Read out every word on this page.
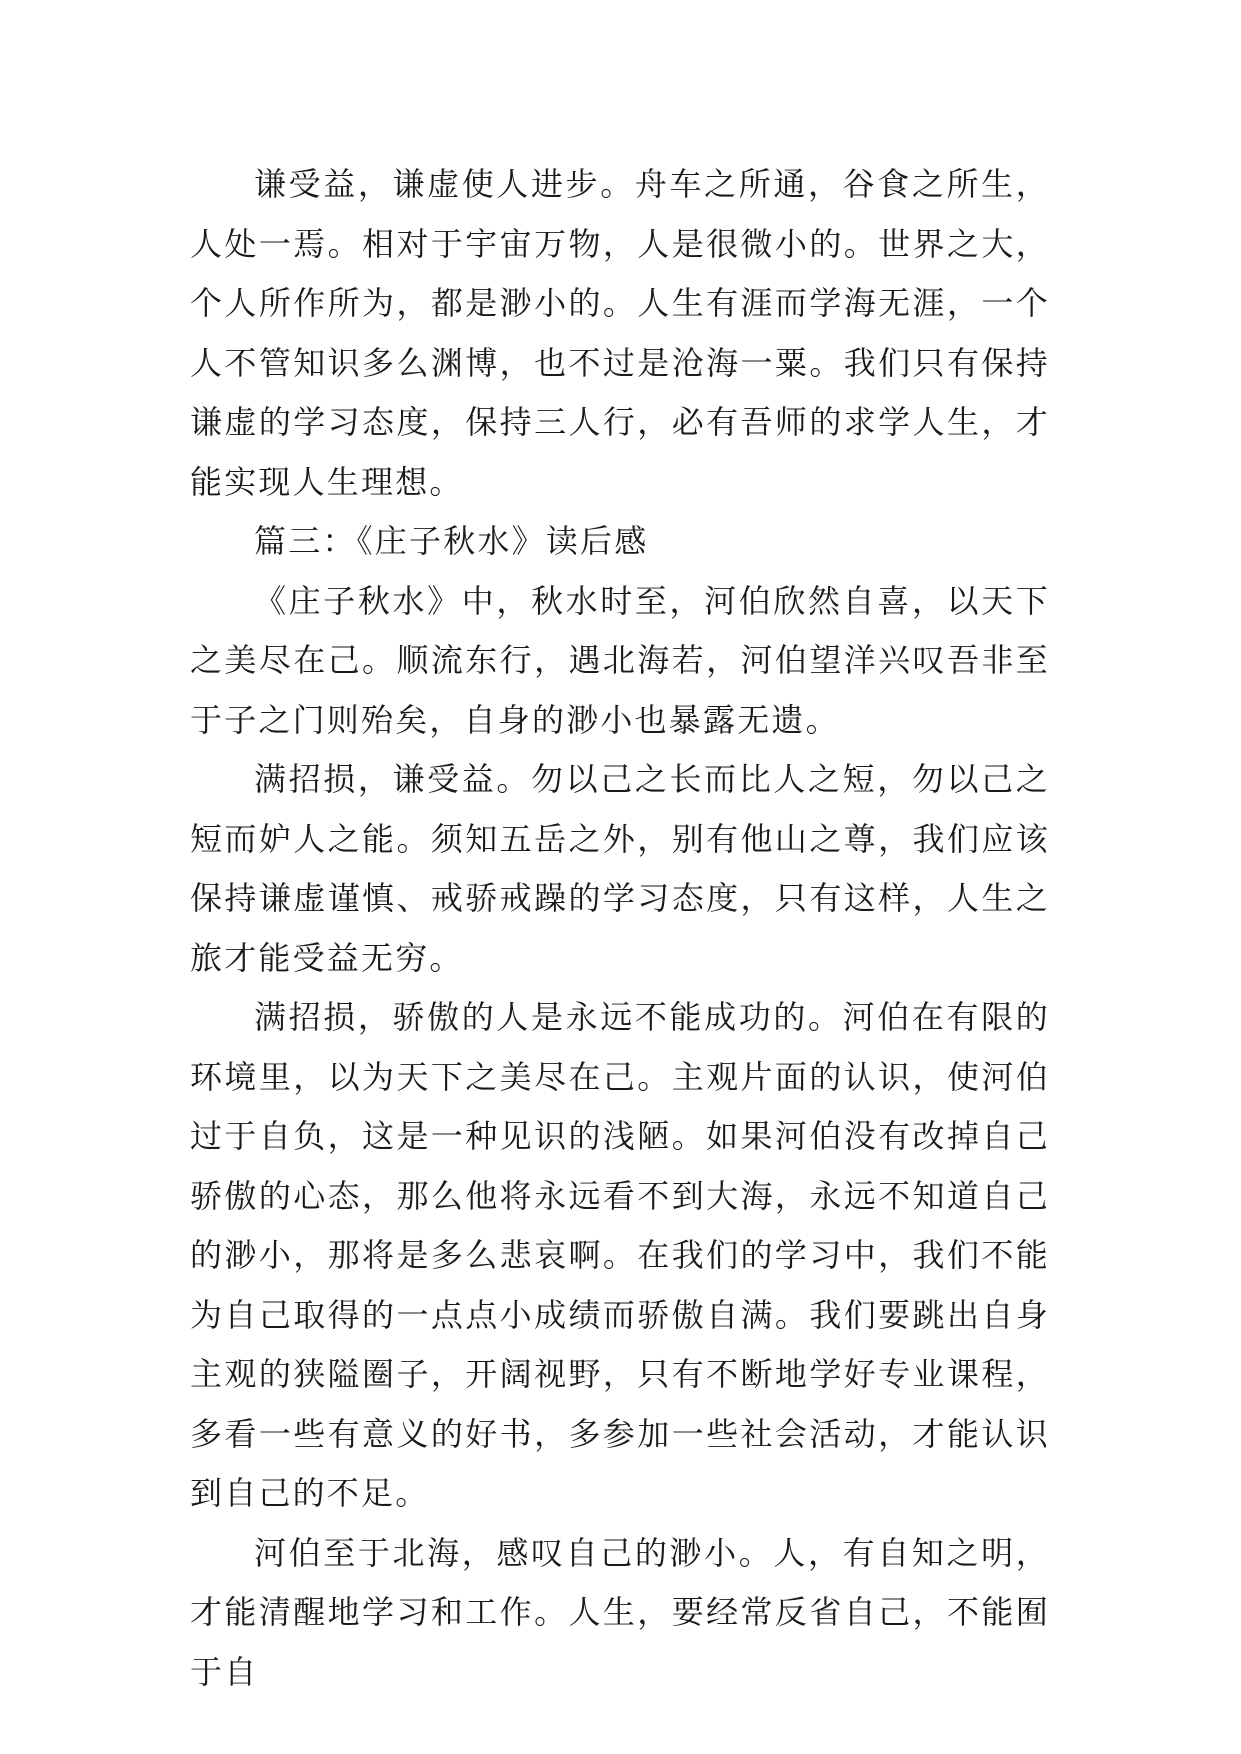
谦受益，谦虚使人进步。舟车之所通，谷食之所生，人处一焉。相对于宇宙万物，人是很微小的。世界之大，个人所作所为，都是渺小的。人生有涯而学海无涯，一个人不管知识多么渊博，也不过是沧海一粟。我们只有保持谦虚的学习态度，保持三人行，必有吾师的求学人生，才能实现人生理想。

篇三：《庄子秋水》读后感

《庄子秋水》中，秋水时至，河伯欣然自喜，以天下之美尽在己。顺流东行，遇北海若，河伯望洋兴叹吾非至于子之门则殆矣，自身的渺小也暴露无遗。

满招损，谦受益。勿以己之长而比人之短，勿以己之短而妒人之能。须知五岳之外，别有他山之尊，我们应该保持谦虚谨慎、戒骄戒躁的学习态度，只有这样，人生之旅才能受益无穷。

满招损，骄傲的人是永远不能成功的。河伯在有限的环境里，以为天下之美尽在己。主观片面的认识，使河伯过于自负，这是一种见识的浅陋。如果河伯没有改掉自己骄傲的心态，那么他将永远看不到大海，永远不知道自己的渺小，那将是多么悲哀啊。在我们的学习中，我们不能为自己取得的一点点小成绩而骄傲自满。我们要跳出自身主观的狭隘圈子，开阔视野，只有不断地学好专业课程，多看一些有意义的好书，多参加一些社会活动，才能认识到自己的不足。

河伯至于北海，感叹自己的渺小。人，有自知之明，才能清醒地学习和工作。人生，要经常反省自己，不能囿于自
